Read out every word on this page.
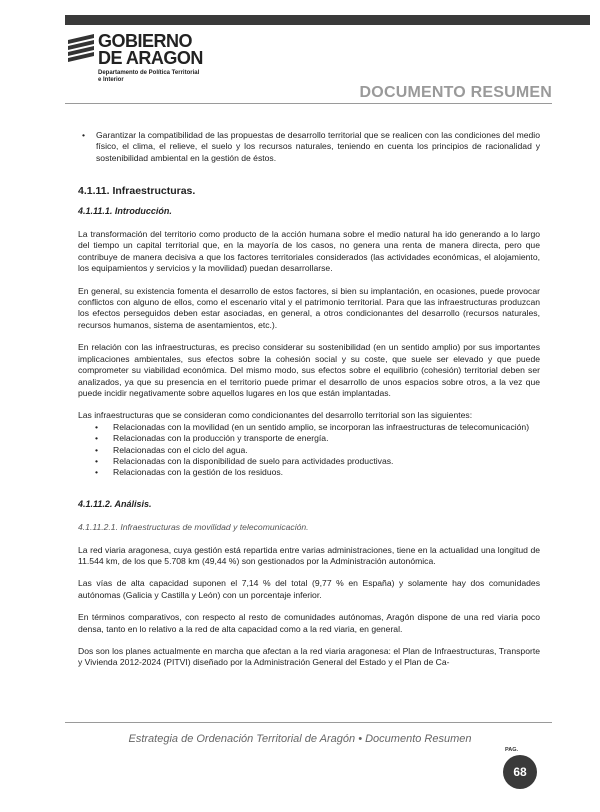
GOBIERNO
DE ARAGON
Departamento de Política Territorial
e Interior
DOCUMENTO RESUMEN

• Garantizar la compatibilidad de las propuestas de desarrollo territorial que se realicen con las condiciones del medio físico, el clima, el relieve, el suelo y los recursos naturales, teniendo en cuenta los principios de racionalidad y sostenibilidad ambiental en la gestión de éstos.

4.1.11. Infraestructuras.
4.1.11.1. Introducción.

La transformación del territorio como producto de la acción humana sobre el medio natural ha ido generando a lo largo del tiempo un capital territorial que, en la mayoría de los casos, no genera una renta de manera directa, pero que contribuye de manera decisiva a que los factores territoriales considerados (las actividades económicas, el alojamiento, los equipamientos y servicios y la movilidad) puedan desarrollarse.

En general, su existencia fomenta el desarrollo de estos factores, si bien su implantación, en ocasiones, puede provocar conflictos con alguno de ellos, como el escenario vital y el patrimonio territorial. Para que las infraestructuras produzcan los efectos perseguidos deben estar asociadas, en general, a otros condicionantes del desarrollo (recursos naturales, recursos humanos, sistema de asentamientos, etc.).

En relación con las infraestructuras, es preciso considerar su sostenibilidad (en un sentido amplio) por sus importantes implicaciones ambientales, sus efectos sobre la cohesión social y su coste, que suele ser elevado y que puede comprometer su viabilidad económica. Del mismo modo, sus efectos sobre el equilibrio (cohesión) territorial deben ser analizados, ya que su presencia en el territorio puede primar el desarrollo de unos espacios sobre otros, a la vez que puede incidir negativamente sobre aquellos lugares en los que están implantadas.

Las infraestructuras que se consideran como condicionantes del desarrollo territorial son las siguientes:

• Relacionadas con la movilidad (en un sentido amplio, se incorporan las infraestructuras de telecomunicación)
• Relacionadas con la producción y transporte de energía.
• Relacionadas con el ciclo del agua.
• Relacionadas con la disponibilidad de suelo para actividades productivas.
• Relacionadas con la gestión de los residuos.
4.1.11.2. Análisis.
4.1.11.2.1. Infraestructuras de movilidad y telecomunicación.

La red viaria aragonesa, cuya gestión está repartida entre varias administraciones, tiene en la actualidad una longitud de 11.544 km, de los que 5.708 km (49,44 %) son gestionados por la Administración autonómica.

Las vías de alta capacidad suponen el 7,14 % del total (9,77 % en España) y solamente hay dos comunidades autónomas (Galicia y Castilla y León) con un porcentaje inferior.

En términos comparativos, con respecto al resto de comunidades autónomas, Aragón dispone de una red viaria poco densa, tanto en lo relativo a la red de alta capacidad como a la red viaria, en general.

Dos son los planes actualmente en marcha que afectan a la red viaria aragonesa: el Plan de Infraestructuras, Transporte y Vivienda 2012-2024 (PITVI) diseñado por la Administración General del Estado y el Plan de Ca-

Estrategia de Ordenación Territorial de Aragón • Documento Resumen
PAG.
68
